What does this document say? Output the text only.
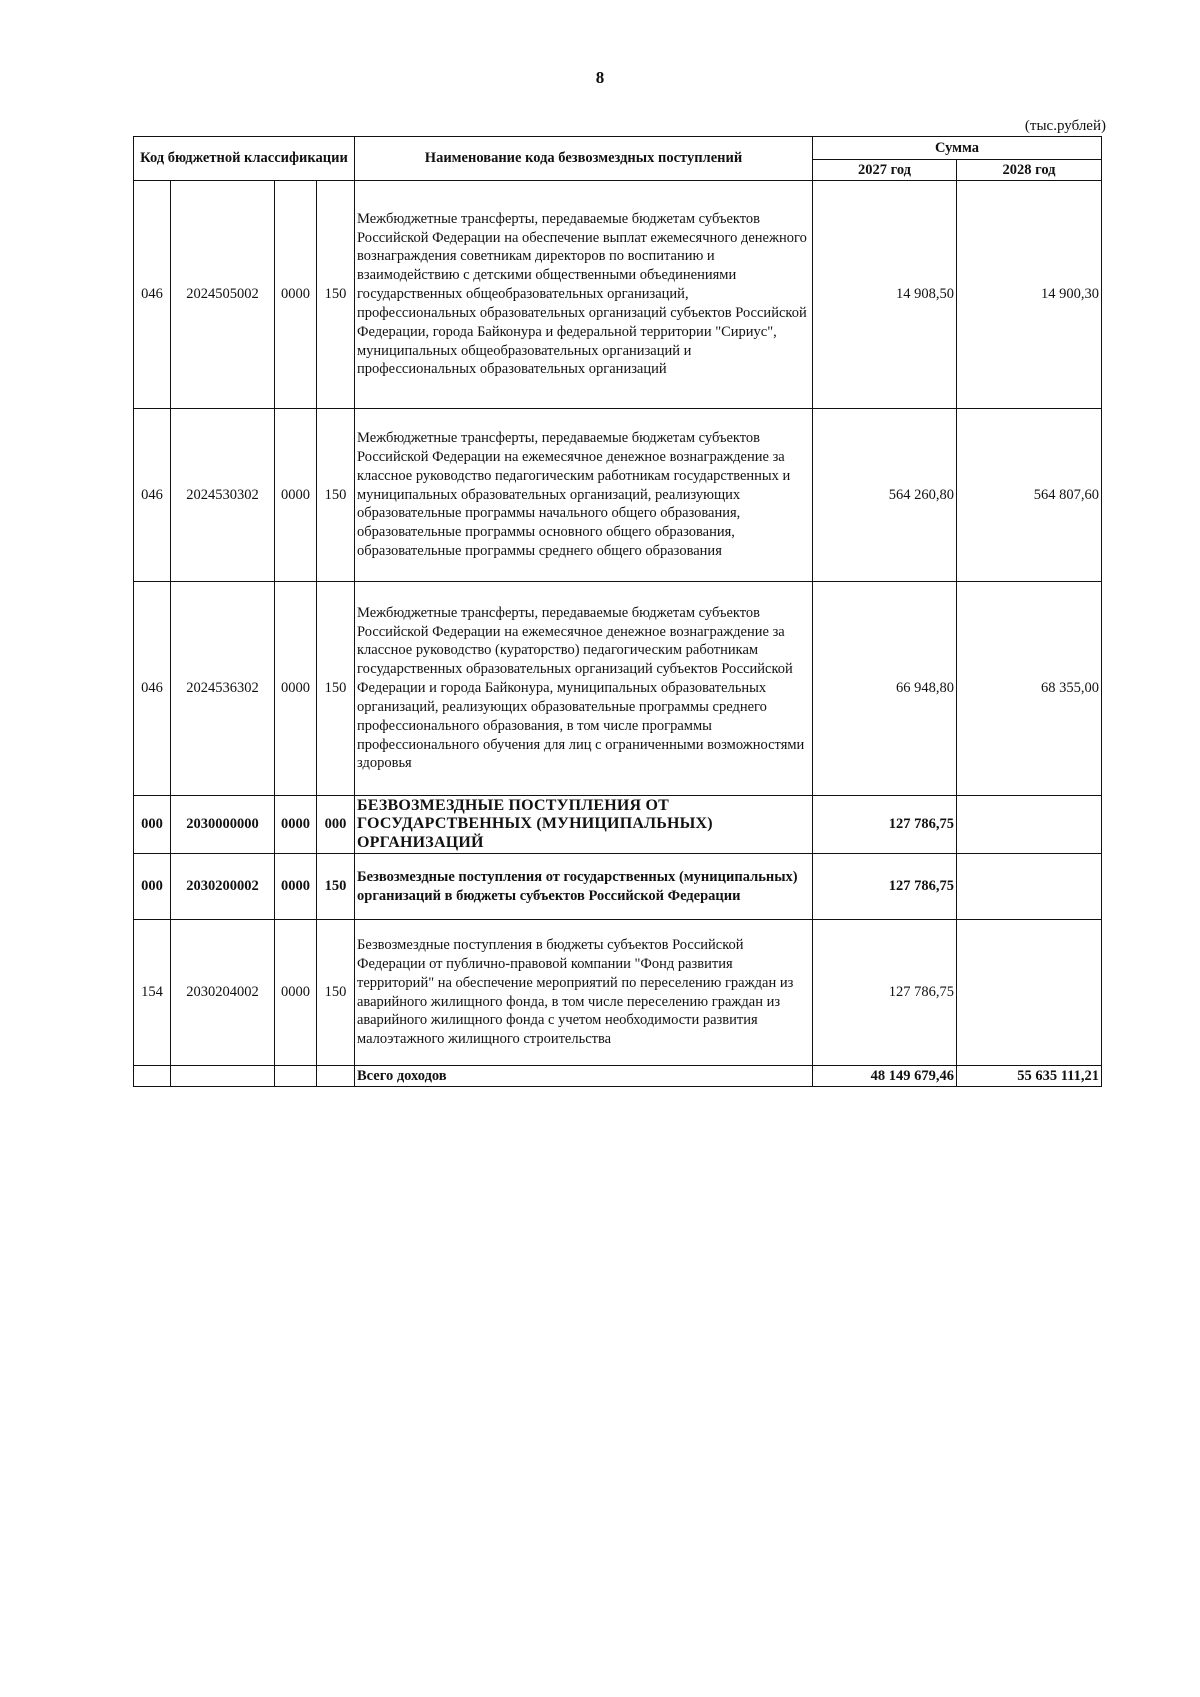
8
(тыс.рублей)
Код бюджетной классификации				Наименование кода безвозмездных поступлений	Сумма	
					2027 год	2028 год
046	2024505002	0000	150	Межбюджетные трансферты, передаваемые бюджетам субъектов Российской Федерации на обеспечение выплат ежемесячного денежного вознаграждения советникам директоров по воспитанию и взаимодействию с детскими общественными объединениями государственных общеобразовательных организаций, профессиональных образовательных организаций субъектов Российской Федерации, города Байконура и федеральной территории "Сириус", муниципальных общеобразовательных организаций и профессиональных образовательных организаций	14 908,50	14 900,30
046	2024530302	0000	150	Межбюджетные трансферты, передаваемые бюджетам субъектов Российской Федерации на ежемесячное денежное вознаграждение за классное руководство педагогическим работникам государственных и муниципальных образовательных организаций, реализующих образовательные программы начального общего образования, образовательные программы основного общего образования, образовательные программы среднего общего образования	564 260,80	564 807,60
046	2024536302	0000	150	Межбюджетные трансферты, передаваемые бюджетам субъектов Российской Федерации на ежемесячное денежное вознаграждение за классное руководство (кураторство) педагогическим работникам государственных образовательных организаций субъектов Российской Федерации и города Байконура, муниципальных образовательных организаций, реализующих образовательные программы среднего профессионального образования, в том числе программы профессионального обучения для лиц с ограниченными возможностями здоровья	66 948,80	68 355,00
000	2030000000	0000	000	БЕЗВОЗМЕЗДНЫЕ ПОСТУПЛЕНИЯ ОТ ГОСУДАРСТВЕННЫХ (МУНИЦИПАЛЬНЫХ) ОРГАНИЗАЦИЙ	127 786,75	
000	2030200002	0000	150	Безвозмездные поступления от государственных (муниципальных) организаций в бюджеты субъектов Российской Федерации	127 786,75	
154	2030204002	0000	150	Безвозмездные поступления в бюджеты субъектов Российской Федерации от публично-правовой компании "Фонд развития территорий" на обеспечение мероприятий по переселению граждан из аварийного жилищного фонда, в том числе переселению граждан из аварийного жилищного фонда с учетом необходимости развития малоэтажного жилищного строительства	127 786,75	
				Всего доходов	48 149 679,46	55 635 111,21
